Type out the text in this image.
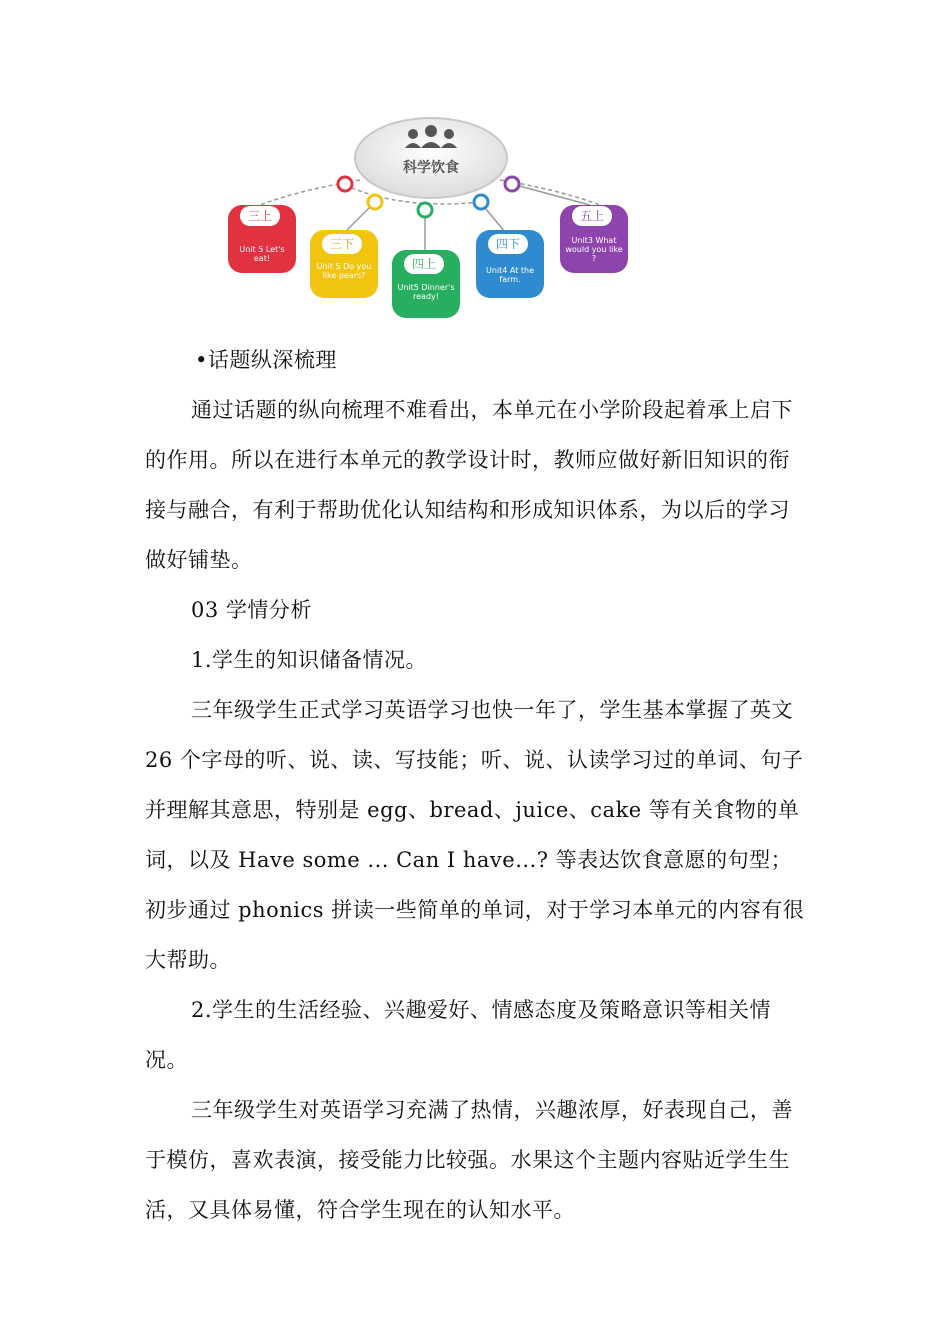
科学饮食
三上
Unit 5 Let's eat!
三下
Unit 5 Do you like pears?
四上
Unit5 Dinner's ready!
四下
Unit4 At the farm.
五上
Unit3 What would you like ?

•话题纵深梳理

通过话题的纵向梳理不难看出，本单元在小学阶段起着承上启下的作用。所以在进行本单元的教学设计时，教师应做好新旧知识的衔接与融合，有利于帮助优化认知结构和形成知识体系，为以后的学习做好铺垫。

03 学情分析

1.学生的知识储备情况。

三年级学生正式学习英语学习也快一年了，学生基本掌握了英文 26 个字母的听、说、读、写技能；听、说、认读学习过的单词、句子并理解其意思，特别是 egg、bread、juice、cake 等有关食物的单词，以及 Have some ... Can I have...? 等表达饮食意愿的句型；初步通过 phonics 拼读一些简单的单词，对于学习本单元的内容有很大帮助。

2.学生的生活经验、兴趣爱好、情感态度及策略意识等相关情况。

三年级学生对英语学习充满了热情，兴趣浓厚，好表现自己，善于模仿，喜欢表演，接受能力比较强。水果这个主题内容贴近学生生活，又具体易懂，符合学生现在的认知水平。
